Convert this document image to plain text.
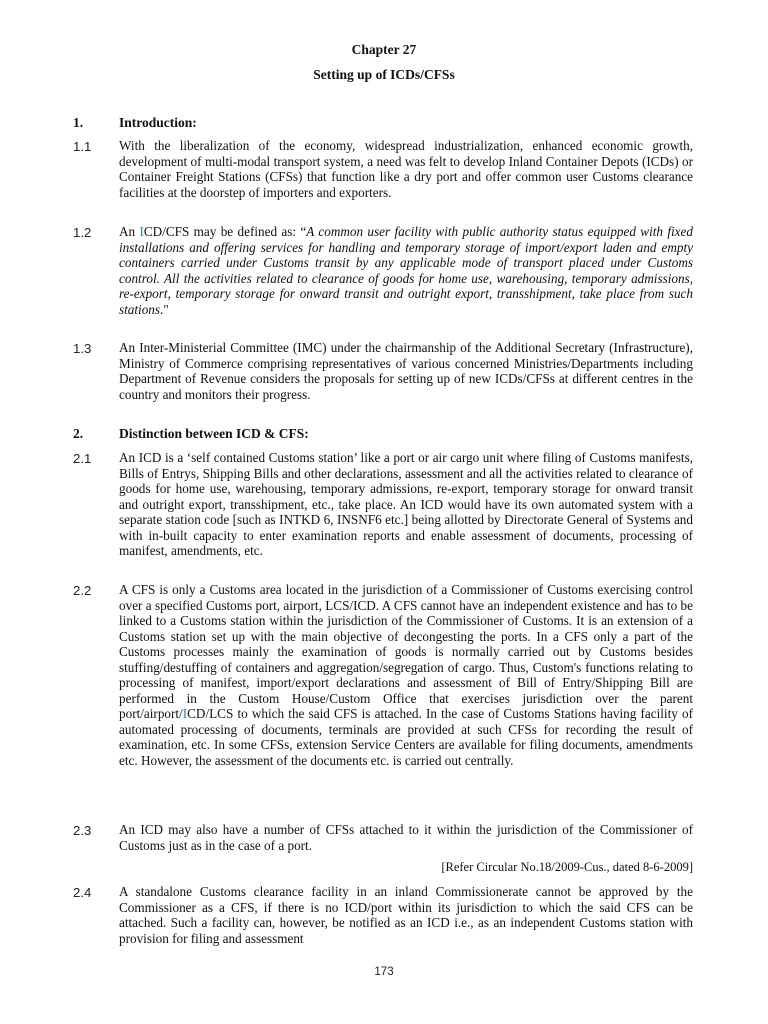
Chapter 27
Setting up of ICDs/CFSs
1.	Introduction:
1.1 With the liberalization of the economy, widespread industrialization, enhanced economic growth, development of multi-modal transport system, a need was felt to develop Inland Container Depots (ICDs) or Container Freight Stations (CFSs) that function like a dry port and offer common user Customs clearance facilities at the doorstep of importers and exporters.
1.2 An ICD/CFS may be defined as: “A common user facility with public authority status equipped with fixed installations and offering services for handling and temporary storage of import/export laden and empty containers carried under Customs transit by any applicable mode of transport placed under Customs control. All the activities related to clearance of goods for home use, warehousing, temporary admissions, re-export, temporary storage for onward transit and outright export, transshipment, take place from such stations."
1.3 An Inter-Ministerial Committee (IMC) under the chairmanship of the Additional Secretary (Infrastructure), Ministry of Commerce comprising representatives of various concerned Ministries/Departments including Department of Revenue considers the proposals for setting up of new ICDs/CFSs at different centres in the country and monitors their progress.
2.	Distinction between ICD & CFS:
2.1 An ICD is a ‘self contained Customs station’ like a port or air cargo unit where filing of Customs manifests, Bills of Entrys, Shipping Bills and other declarations, assessment and all the activities related to clearance of goods for home use, warehousing, temporary admissions, re-export, temporary storage for onward transit and outright export, transshipment, etc., take place. An ICD would have its own automated system with a separate station code [such as INTKD 6, INSNF6 etc.] being allotted by Directorate General of Systems and with in-built capacity to enter examination reports and enable assessment of documents, processing of manifest, amendments, etc.
2.2 A CFS is only a Customs area located in the jurisdiction of a Commissioner of Customs exercising control over a specified Customs port, airport, LCS/ICD. A CFS cannot have an independent existence and has to be linked to a Customs station within the jurisdiction of the Commissioner of Customs. It is an extension of a Customs station set up with the main objective of decongesting the ports. In a CFS only a part of the Customs processes mainly the examination of goods is normally carried out by Customs besides stuffing/destuffing of containers and aggregation/segregation of cargo. Thus, Custom's functions relating to processing of manifest, import/export declarations and assessment of Bill of Entry/Shipping Bill are performed in the Custom House/Custom Office that exercises jurisdiction over the parent port/airport/ICD/LCS to which the said CFS is attached. In the case of Customs Stations having facility of automated processing of documents, terminals are provided at such CFSs for recording the result of examination, etc. In some CFSs, extension Service Centers are available for filing documents, amendments etc. However, the assessment of the documents etc. is carried out centrally.
2.3 An ICD may also have a number of CFSs attached to it within the jurisdiction of the Commissioner of Customs just as in the case of a port.
[Refer Circular No.18/2009-Cus., dated 8-6-2009]
2.4 A standalone Customs clearance facility in an inland Commissionerate cannot be approved by the Commissioner as a CFS, if there is no ICD/port within its jurisdiction to which the said CFS can be attached. Such a facility can, however, be notified as an ICD i.e., as an independent Customs station with provision for filing and assessment
173
